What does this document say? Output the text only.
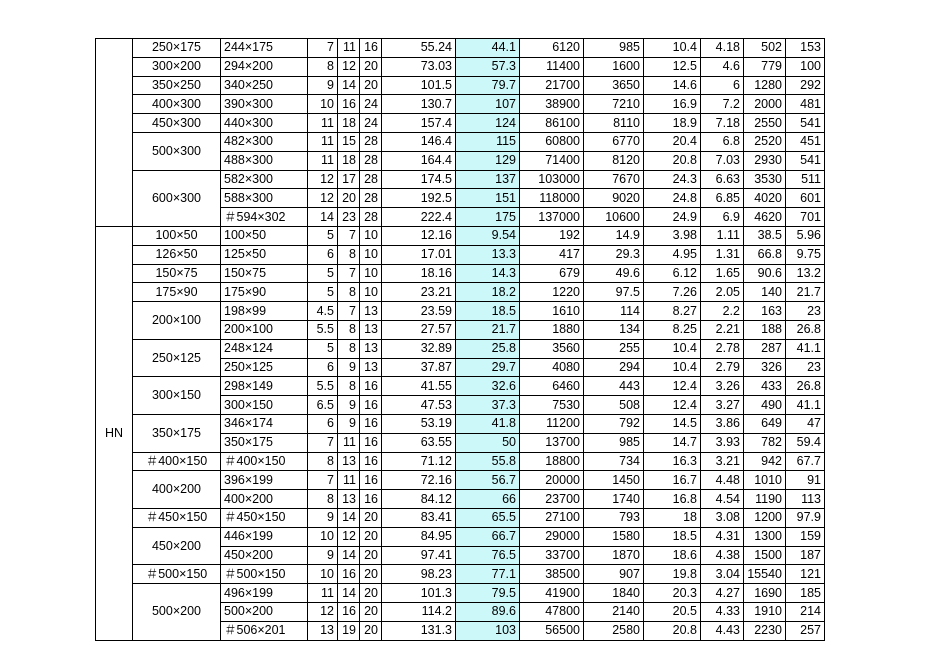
	250×175	244×175	7	11	16	55.24	44.1	6120	985	10.4	4.18	502	153
	300×200	294×200	8	12	20	73.03	57.3	11400	1600	12.5	4.6	779	100
	350×250	340×250	9	14	20	101.5	79.7	21700	3650	14.6	6	1280	292
	400×300	390×300	10	16	24	130.7	107	38900	7210	16.9	7.2	2000	481
	450×300	440×300	11	18	24	157.4	124	86100	8110	18.9	7.18	2550	541
	500×300	482×300	11	15	28	146.4	115	60800	6770	20.4	6.8	2520	451
		488×300	11	18	28	164.4	129	71400	8120	20.8	7.03	2930	541
	600×300	582×300	12	17	28	174.5	137	103000	7670	24.3	6.63	3530	511
		588×300	12	20	28	192.5	151	118000	9020	24.8	6.85	4020	601
		＃594×302	14	23	28	222.4	175	137000	10600	24.9	6.9	4620	701
HN	100×50	100×50	5	7	10	12.16	9.54	192	14.9	3.98	1.11	38.5	5.96
	126×50	125×50	6	8	10	17.01	13.3	417	29.3	4.95	1.31	66.8	9.75
	150×75	150×75	5	7	10	18.16	14.3	679	49.6	6.12	1.65	90.6	13.2
	175×90	175×90	5	8	10	23.21	18.2	1220	97.5	7.26	2.05	140	21.7
	200×100	198×99	4.5	7	13	23.59	18.5	1610	114	8.27	2.2	163	23
		200×100	5.5	8	13	27.57	21.7	1880	134	8.25	2.21	188	26.8
	250×125	248×124	5	8	13	32.89	25.8	3560	255	10.4	2.78	287	41.1
		250×125	6	9	13	37.87	29.7	4080	294	10.4	2.79	326	23
	300×150	298×149	5.5	8	16	41.55	32.6	6460	443	12.4	3.26	433	26.8
		300×150	6.5	9	16	47.53	37.3	7530	508	12.4	3.27	490	41.1
	350×175	346×174	6	9	16	53.19	41.8	11200	792	14.5	3.86	649	47
		350×175	7	11	16	63.55	50	13700	985	14.7	3.93	782	59.4
	＃400×150	＃400×150	8	13	16	71.12	55.8	18800	734	16.3	3.21	942	67.7
	400×200	396×199	7	11	16	72.16	56.7	20000	1450	16.7	4.48	1010	91
		400×200	8	13	16	84.12	66	23700	1740	16.8	4.54	1190	113
	＃450×150	＃450×150	9	14	20	83.41	65.5	27100	793	18	3.08	1200	97.9
	450×200	446×199	10	12	20	84.95	66.7	29000	1580	18.5	4.31	1300	159
		450×200	9	14	20	97.41	76.5	33700	1870	18.6	4.38	1500	187
	＃500×150	＃500×150	10	16	20	98.23	77.1	38500	907	19.8	3.04	15540	121
	500×200	496×199	11	14	20	101.3	79.5	41900	1840	20.3	4.27	1690	185
		500×200	12	16	20	114.2	89.6	47800	2140	20.5	4.33	1910	214
		＃506×201	13	19	20	131.3	103	56500	2580	20.8	4.43	2230	257
